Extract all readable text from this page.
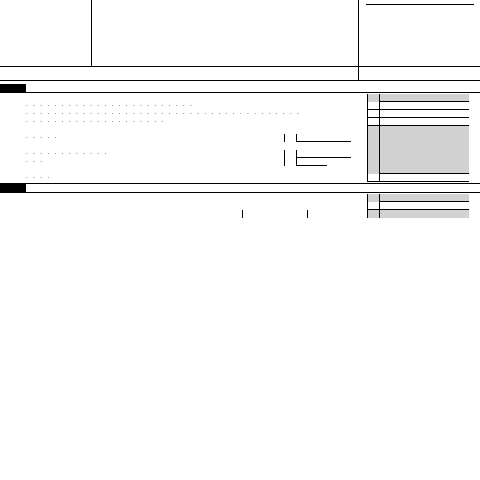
. . . . . . . . . . . . . . . . . . . . . . . .
. . . . . . . . . . . . . . . . . . . . . . . . . . . . . . . . . . . . . . .
. . . . . . . . . . . . . . . . . . . .
. . . . .

. . . . . . . . . . . .
. . .

. . . .
